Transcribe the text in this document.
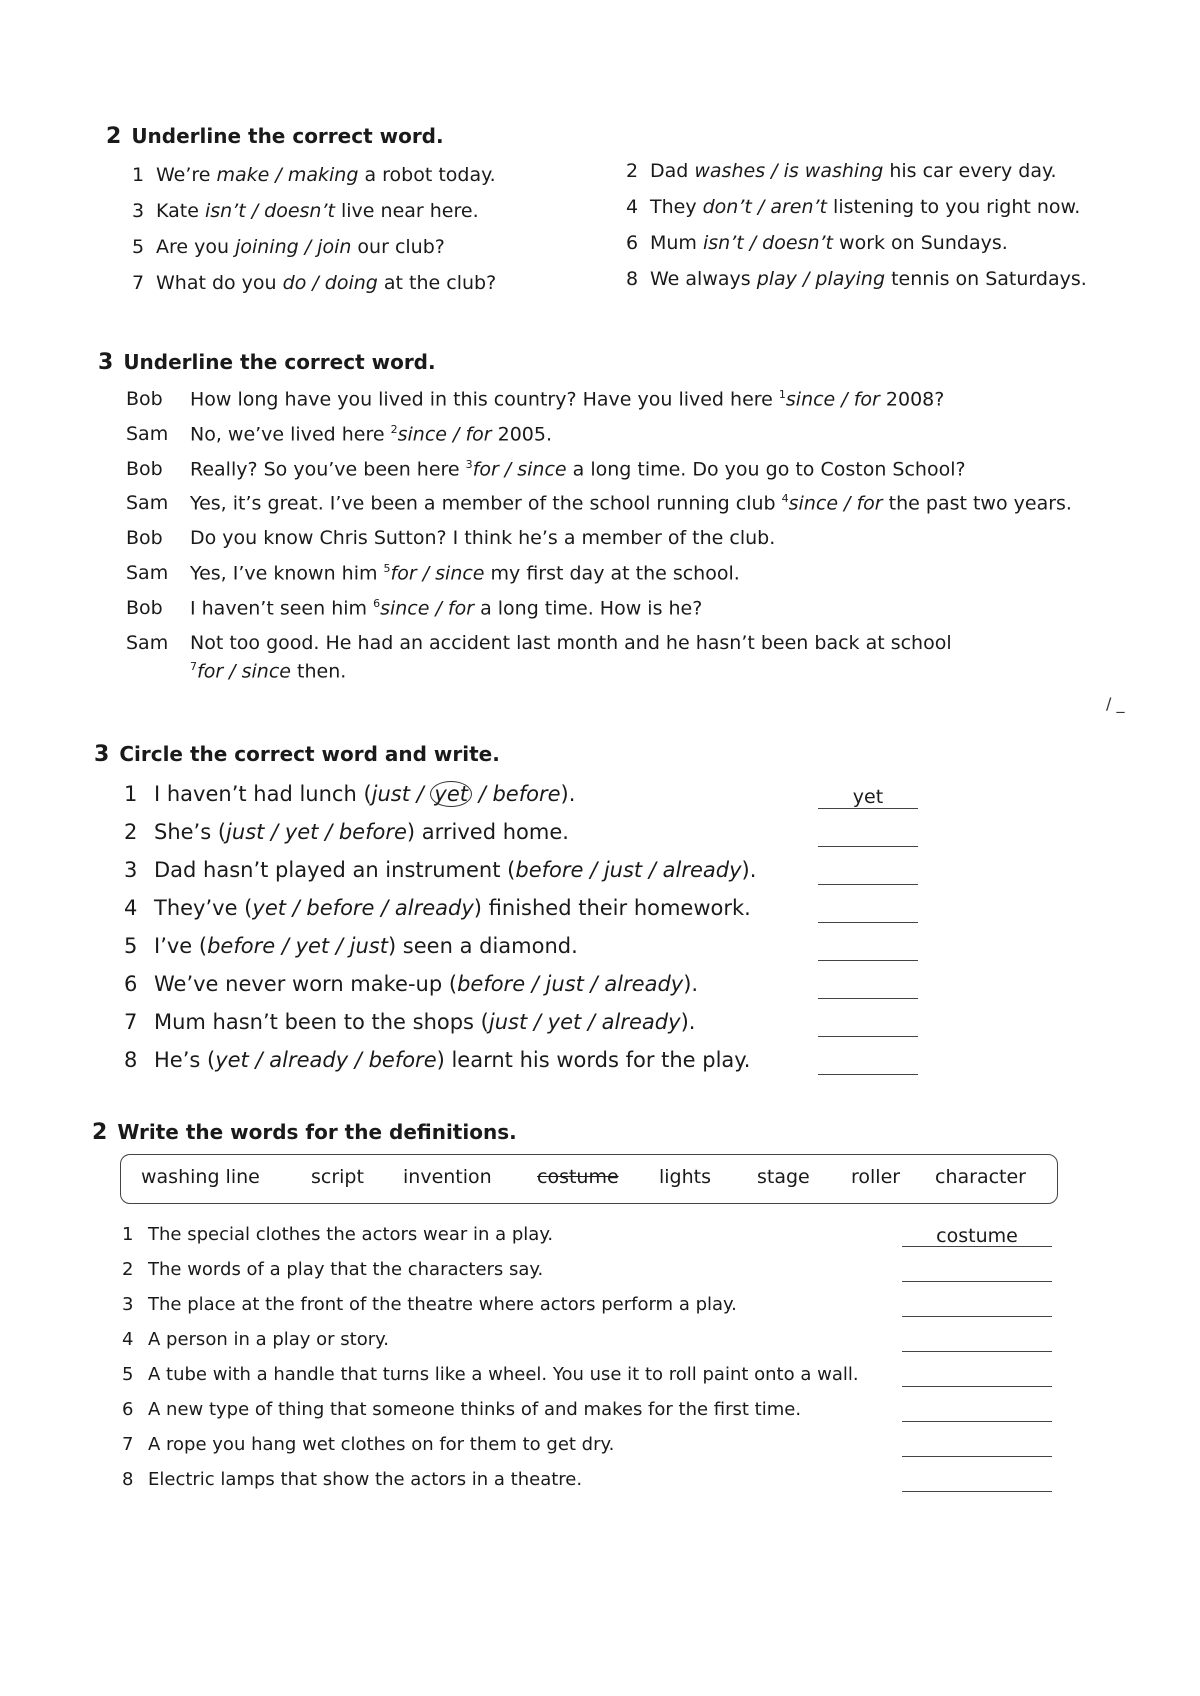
2 Underline the correct word.
1 We’re make / making a robot today.	2 Dad washes / is washing his car every day.
3 Kate isn’t / doesn’t live near here.	4 They don’t / aren’t listening to you right now.
5 Are you joining / join our club?	6 Mum isn’t / doesn’t work on Sundays.
7 What do you do / doing at the club?	8 We always play / playing tennis on Saturdays.
3 Underline the correct word.
Bob	How long have you lived in this country? Have you lived here $^1$since / for 2008?
Sam	No, we’ve lived here $^2$since / for 2005.
Bob	Really? So you’ve been here $^3$for / since a long time. Do you go to Coston School?
Sam	Yes, it’s great. I’ve been a member of the school running club $^4$since / for the past two years.
Bob	Do you know Chris Sutton? I think he’s a member of the club.
Sam	Yes, I’ve known him $^5$for / since my first day at the school.
Bob	I haven’t seen him $^6$since / for a long time. How is he?
Sam	Not too good. He had an accident last month and he hasn’t been back at school
$^7$for / since then.
/ _
3 Circle the correct word and write.
1 I haven’t had lunch (just / yet / before).	yet
2 She’s (just / yet / before) arrived home.
3 Dad hasn’t played an instrument (before / just / already).
4 They’ve (yet / before / already) finished their homework.
5 I’ve (before / yet / just) seen a diamond.
6 We’ve never worn make-up (before / just / already).
7 Mum hasn’t been to the shops (just / yet / already).
8 He’s (yet / already / before) learnt his words for the play.
2 Write the words for the definitions.
washing line	script invention costume lights stage roller character
1 The special clothes the actors wear in a play.	costume
2 The words of a play that the characters say.
3 The place at the front of the theatre where actors perform a play.
4 A person in a play or story.
5 A tube with a handle that turns like a wheel. You use it to roll paint onto a wall.
6 A new type of thing that someone thinks of and makes for the first time.
7 A rope you hang wet clothes on for them to get dry.
8 Electric lamps that show the actors in a theatre.
